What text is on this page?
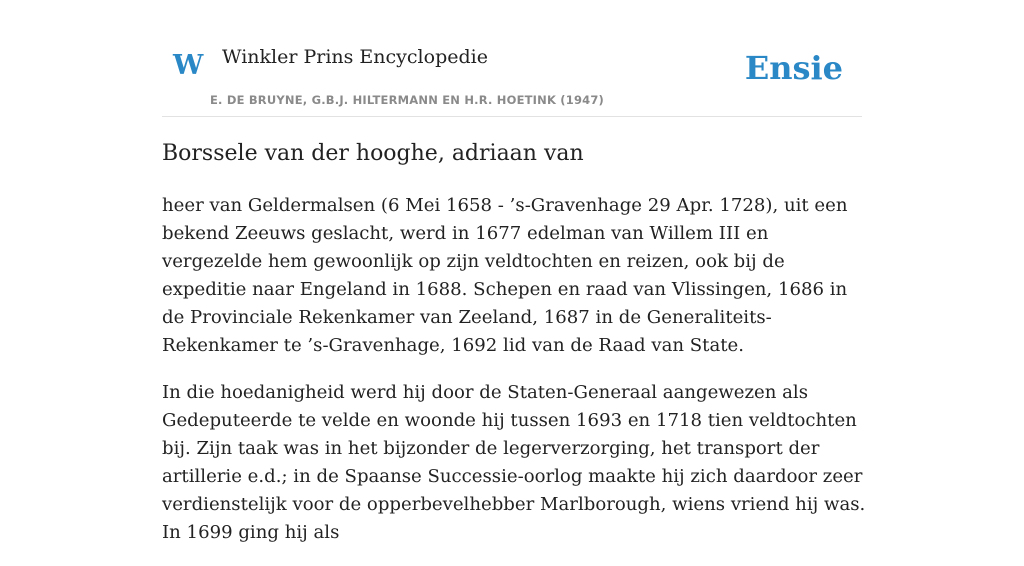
W Winkler Prins Encyclopedie
E. DE BRUYNE, G.B.J. HILTERMANN EN H.R. HOETINK (1947)
Ensie
Borssele van der hooghe, adriaan van

heer van Geldermalsen (6 Mei 1658 - ’s-Gravenhage 29 Apr. 1728), uit een bekend Zeeuws geslacht, werd in 1677 edelman van Willem III en vergezelde hem gewoonlijk op zijn veldtochten en reizen, ook bij de expeditie naar Engeland in 1688. Schepen en raad van Vlissingen, 1686 in de Provinciale Rekenkamer van Zeeland, 1687 in de Generaliteits-Rekenkamer te ’s-Gravenhage, 1692 lid van de Raad van State.

In die hoedanigheid werd hij door de Staten-Generaal aangewezen als Gedeputeerde te velde en woonde hij tussen 1693 en 1718 tien veldtochten bij. Zijn taak was in het bijzonder de legerverzorging, het transport der artillerie e.d.; in de Spaanse Successie-oorlog maakte hij zich daardoor zeer verdienstelijk voor de opperbevelhebber Marlborough, wiens vriend hij was. In 1699 ging hij als
